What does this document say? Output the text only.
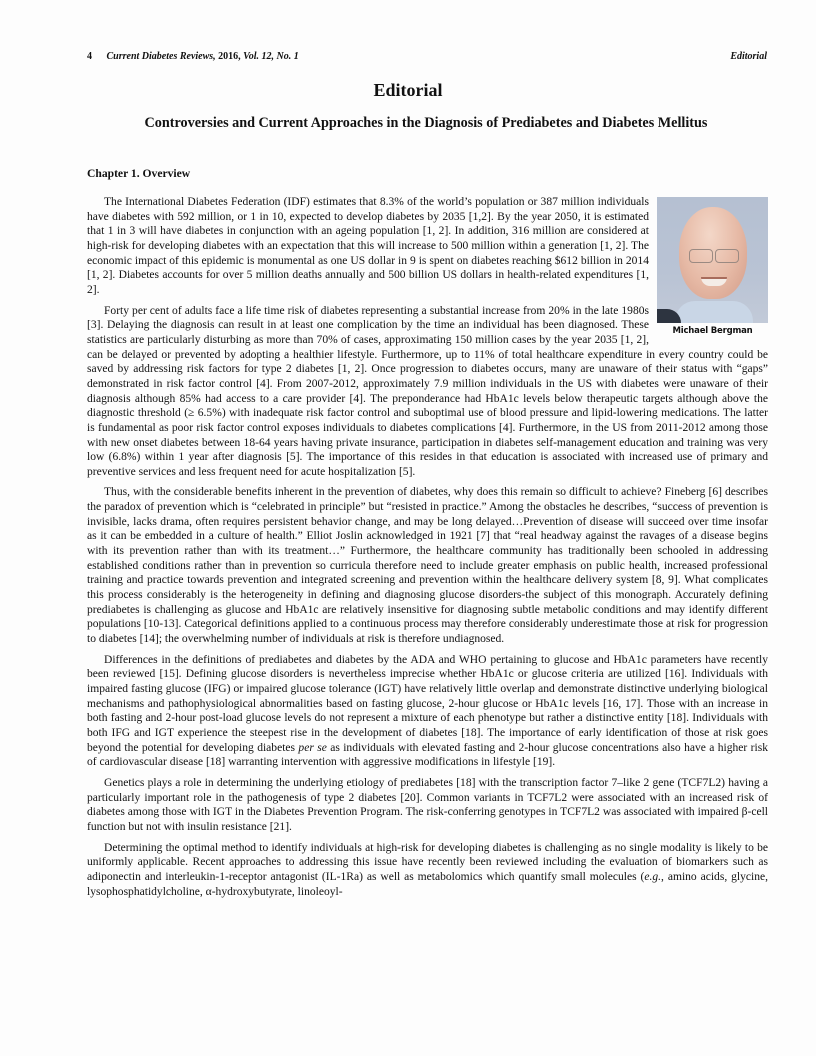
4 Current Diabetes Reviews, 2016, Vol. 12, No. 1	Editorial
Editorial
Controversies and Current Approaches in the Diagnosis of Prediabetes and Diabetes Mellitus
Chapter 1. Overview
Michael Bergman

The International Diabetes Federation (IDF) estimates that 8.3% of the world’s population or 387 million individuals have diabetes with 592 million, or 1 in 10, expected to develop diabetes by 2035 [1,2]. By the year 2050, it is estimated that 1 in 3 will have diabetes in conjunction with an ageing population [1, 2]. In addition, 316 million are considered at high-risk for developing diabetes with an expectation that this will increase to 500 million within a generation [1, 2]. The economic impact of this epidemic is monumental as one US dollar in 9 is spent on diabetes reaching $612 billion in 2014 [1, 2]. Diabetes accounts for over 5 million deaths annually and 500 billion US dollars in health-related expenditures [1, 2].

Forty per cent of adults face a life time risk of diabetes representing a substantial increase from 20% in the late 1980s [3]. Delaying the diagnosis can result in at least one complication by the time an individual has been diagnosed. These statistics are particularly disturbing as more than 70% of cases, approximating 150 million cases by the year 2035 [1, 2], can be delayed or prevented by adopting a healthier lifestyle. Furthermore, up to 11% of total healthcare expenditure in every country could be saved by addressing risk factors for type 2 diabetes [1, 2]. Once progression to diabetes occurs, many are unaware of their status with “gaps” demonstrated in risk factor control [4]. From 2007-2012, approximately 7.9 million individuals in the US with diabetes were unaware of their diagnosis although 85% had access to a care provider [4]. The preponderance had HbA1c levels below therapeutic targets although above the diagnostic threshold (≥ 6.5%) with inadequate risk factor control and suboptimal use of blood pressure and lipid-lowering medications. The latter is fundamental as poor risk factor control exposes individuals to diabetes complications [4]. Furthermore, in the US from 2011-2012 among those with new onset diabetes between 18-64 years having private insurance, participation in diabetes self-management education and training was very low (6.8%) within 1 year after diagnosis [5]. The importance of this resides in that education is associated with increased use of primary and preventive services and less frequent need for acute hospitalization [5].

Thus, with the considerable benefits inherent in the prevention of diabetes, why does this remain so difficult to achieve? Fineberg [6] describes the paradox of prevention which is “celebrated in principle” but “resisted in practice.” Among the obstacles he describes, “success of prevention is invisible, lacks drama, often requires persistent behavior change, and may be long delayed…Prevention of disease will succeed over time insofar as it can be embedded in a culture of health.” Elliot Joslin acknowledged in 1921 [7] that “real headway against the ravages of a disease begins with its prevention rather than with its treatment…” Furthermore, the healthcare community has traditionally been schooled in addressing established conditions rather than in prevention so curricula therefore need to include greater emphasis on public health, increased professional training and practice towards prevention and integrated screening and prevention within the healthcare delivery system [8, 9]. What complicates this process considerably is the heterogeneity in defining and diagnosing glucose disorders-the subject of this monograph. Accurately defining prediabetes is challenging as glucose and HbA1c are relatively insensitive for diagnosing subtle metabolic conditions and may identify different populations [10-13]. Categorical definitions applied to a continuous process may therefore considerably underestimate those at risk for progression to diabetes [14]; the overwhelming number of individuals at risk is therefore undiagnosed.

Differences in the definitions of prediabetes and diabetes by the ADA and WHO pertaining to glucose and HbA1c parameters have recently been reviewed [15]. Defining glucose disorders is nevertheless imprecise whether HbA1c or glucose criteria are utilized [16]. Individuals with impaired fasting glucose (IFG) or impaired glucose tolerance (IGT) have relatively little overlap and demonstrate distinctive underlying biological mechanisms and pathophysiological abnormalities based on fasting glucose, 2-hour glucose or HbA1c levels [16, 17]. Those with an increase in both fasting and 2-hour post-load glucose levels do not represent a mixture of each phenotype but rather a distinctive entity [18]. Individuals with both IFG and IGT experience the steepest rise in the development of diabetes [18]. The importance of early identification of those at risk goes beyond the potential for developing diabetes per se as individuals with elevated fasting and 2-hour glucose concentrations also have a higher risk of cardiovascular disease [18] warranting intervention with aggressive modifications in lifestyle [19].

Genetics plays a role in determining the underlying etiology of prediabetes [18] with the transcription factor 7–like 2 gene (TCF7L2) having a particularly important role in the pathogenesis of type 2 diabetes [20]. Common variants in TCF7L2 were associated with an increased risk of diabetes among those with IGT in the Diabetes Prevention Program. The risk-conferring genotypes in TCF7L2 was associated with impaired β-cell function but not with insulin resistance [21].

Determining the optimal method to identify individuals at high-risk for developing diabetes is challenging as no single modality is likely to be uniformly applicable. Recent approaches to addressing this issue have recently been reviewed including the evaluation of biomarkers such as adiponectin and interleukin-1-receptor antagonist (IL-1Ra) as well as metabolomics which quantify small molecules (e.g., amino acids, glycine, lysophosphatidylcholine, α-hydroxybutyrate, linoleoyl-
